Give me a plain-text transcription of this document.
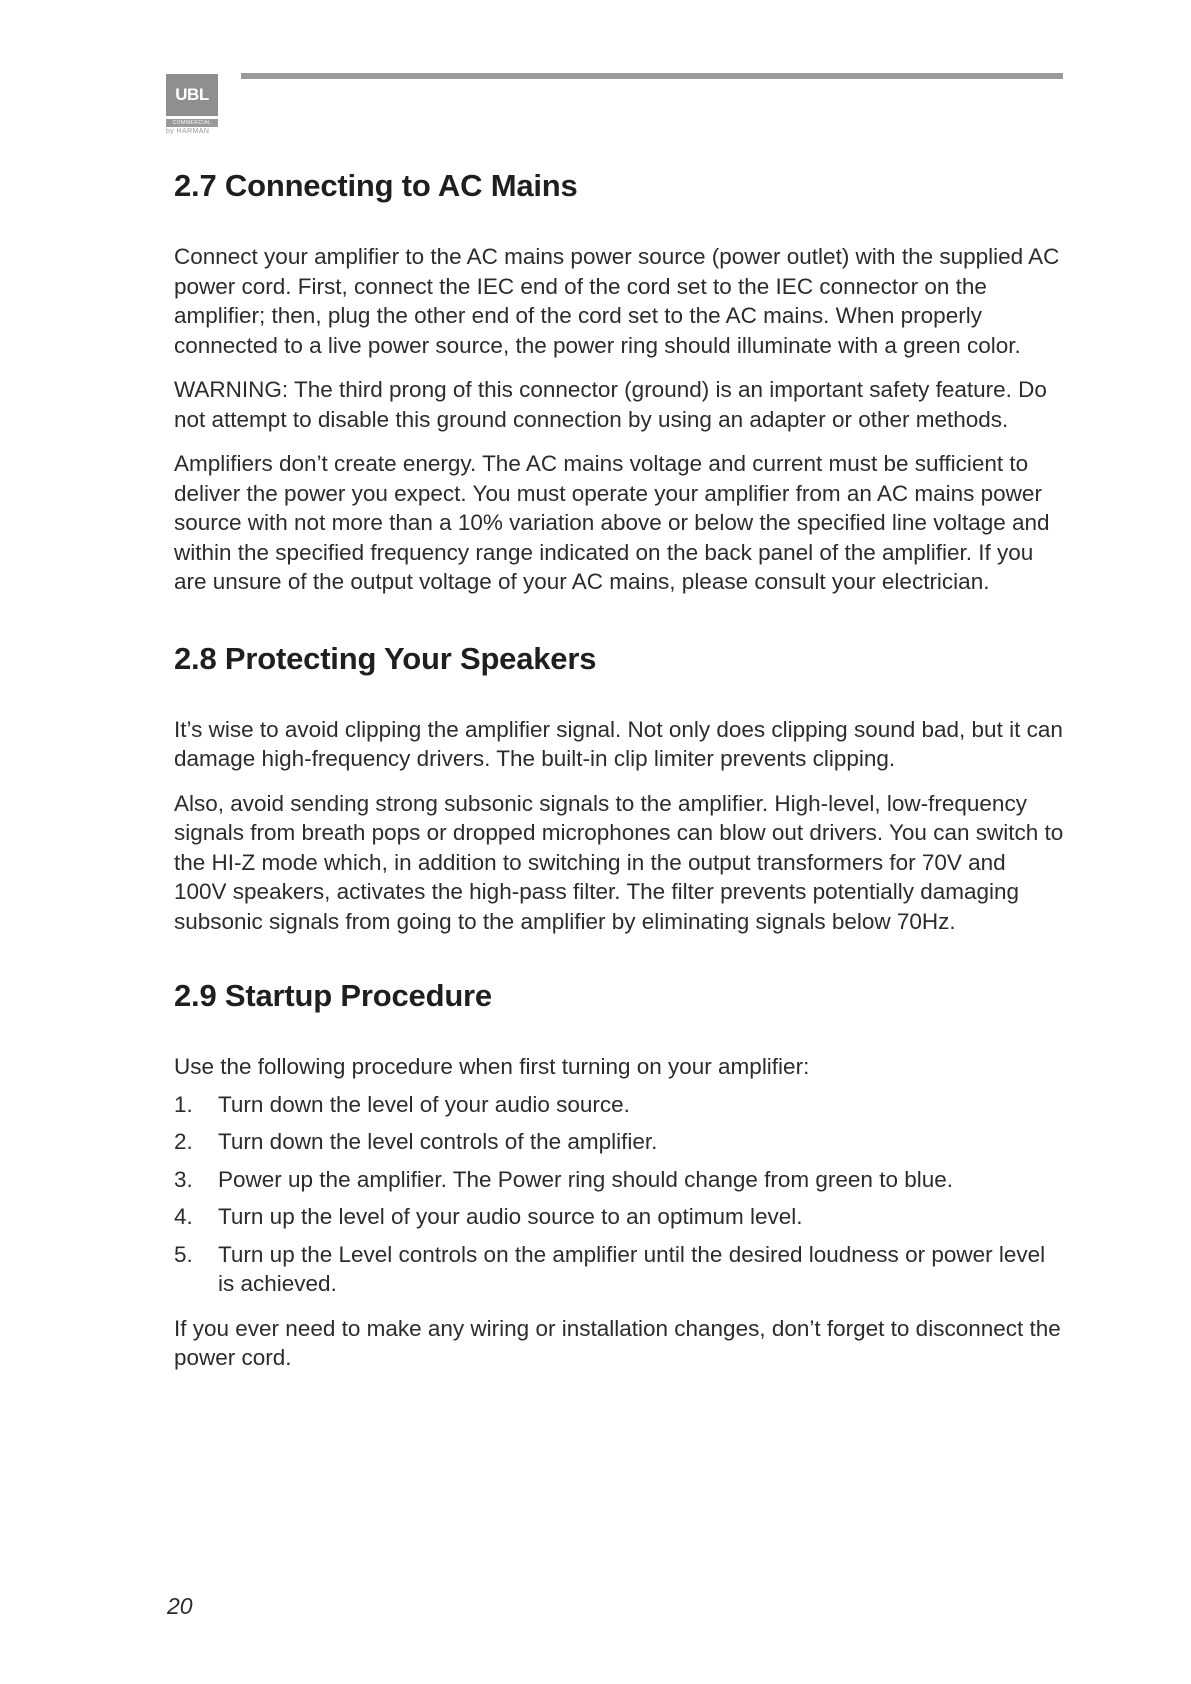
UBL
COMMERCIAL
by HARMAN
2.7 Connecting to AC Mains

Connect your amplifier to the AC mains power source (power outlet) with the supplied AC power cord. First, connect the IEC end of the cord set to the IEC connector on the amplifier; then, plug the other end of the cord set to the AC mains. When properly connected to a live power source, the power ring should illuminate with a green color.

WARNING: The third prong of this connector (ground) is an important safety feature. Do not attempt to disable this ground connection by using an adapter or other methods.

Amplifiers don’t create energy. The AC mains voltage and current must be sufficient to deliver the power you expect. You must operate your amplifier from an AC mains power source with not more than a 10% variation above or below the specified line voltage and within the specified frequency range indicated on the back panel of the amplifier. If you are unsure of the output voltage of your AC mains, please consult your electrician.

2.8 Protecting Your Speakers

It’s wise to avoid clipping the amplifier signal. Not only does clipping sound bad, but it can damage high-frequency drivers. The built-in clip limiter prevents clipping.

Also, avoid sending strong subsonic signals to the amplifier. High-level, low-frequency signals from breath pops or dropped microphones can blow out drivers. You can switch to the HI-Z mode which, in addition to switching in the output transformers for 70V and 100V speakers, activates the high-pass filter. The filter prevents potentially damaging subsonic signals from going to the amplifier by eliminating signals below 70Hz.

2.9 Startup Procedure

Use the following procedure when first turning on your amplifier:

1.	Turn down the level of your audio source.
2.	Turn down the level controls of the amplifier.
3.	Power up the amplifier. The Power ring should change from green to blue.
4.	Turn up the level of your audio source to an optimum level.
5.	Turn up the Level controls on the amplifier until the desired loudness or power level is achieved.

If you ever need to make any wiring or installation changes, don’t forget to disconnect the power cord.

20
